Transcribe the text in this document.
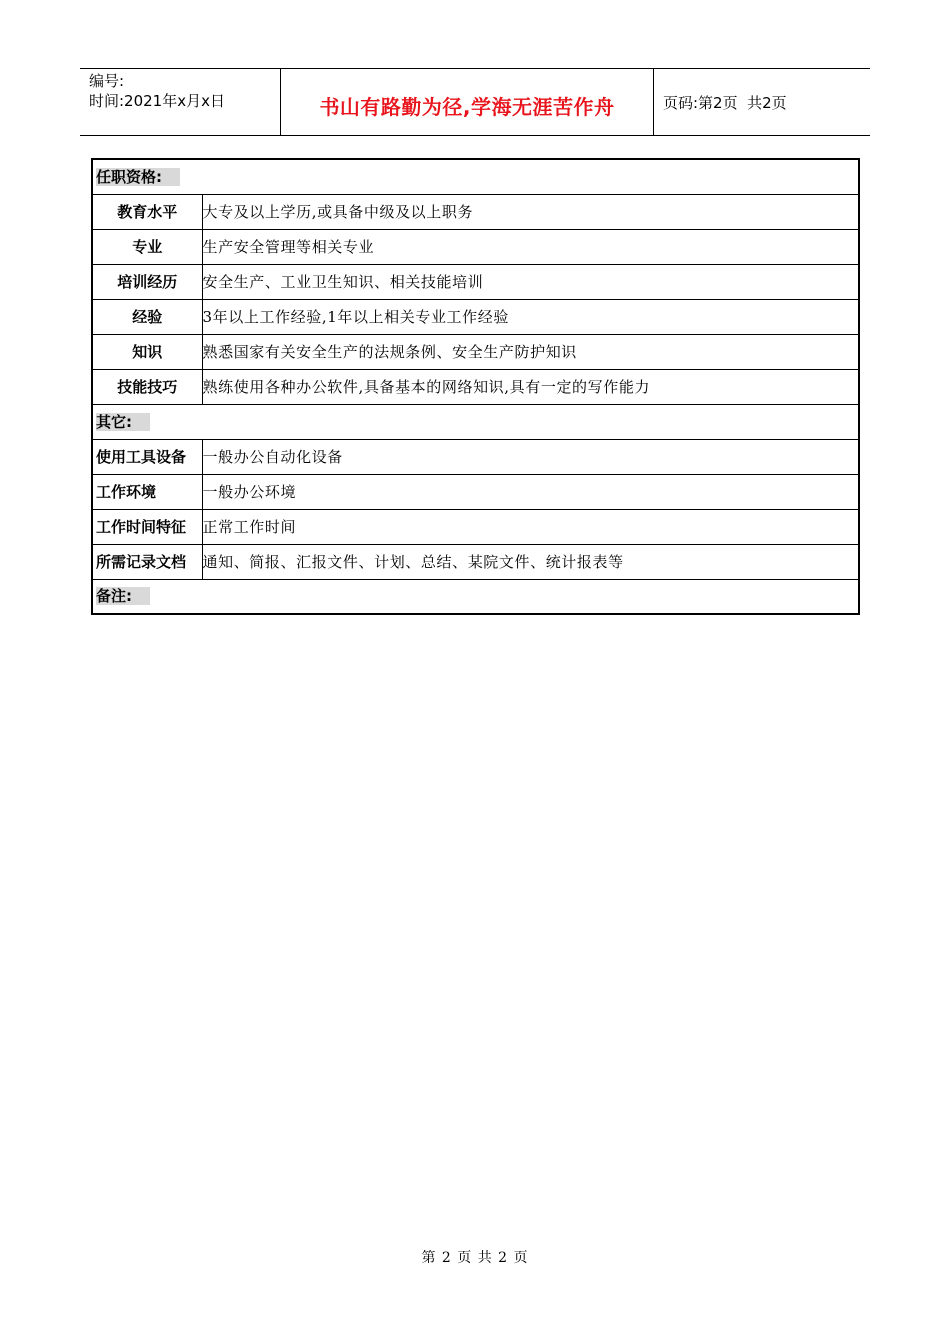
编号:
时间:2021年x月x日	书山有路勤为径,学海无涯苦作舟	页码:第2页  共2页
任职资格:	
教育水平	大专及以上学历,或具备中级及以上职务
专业	生产安全管理等相关专业
培训经历	安全生产、工业卫生知识、相关技能培训
经验	3年以上工作经验,1年以上相关专业工作经验
知识	熟悉国家有关安全生产的法规条例、安全生产防护知识
技能技巧	熟练使用各种办公软件,具备基本的网络知识,具有一定的写作能力
其它:	
使用工具设备	一般办公自动化设备
工作环境	一般办公环境
工作时间特征	正常工作时间
所需记录文档	通知、简报、汇报文件、计划、总结、某院文件、统计报表等
备注:	
第 2 页 共 2 页
